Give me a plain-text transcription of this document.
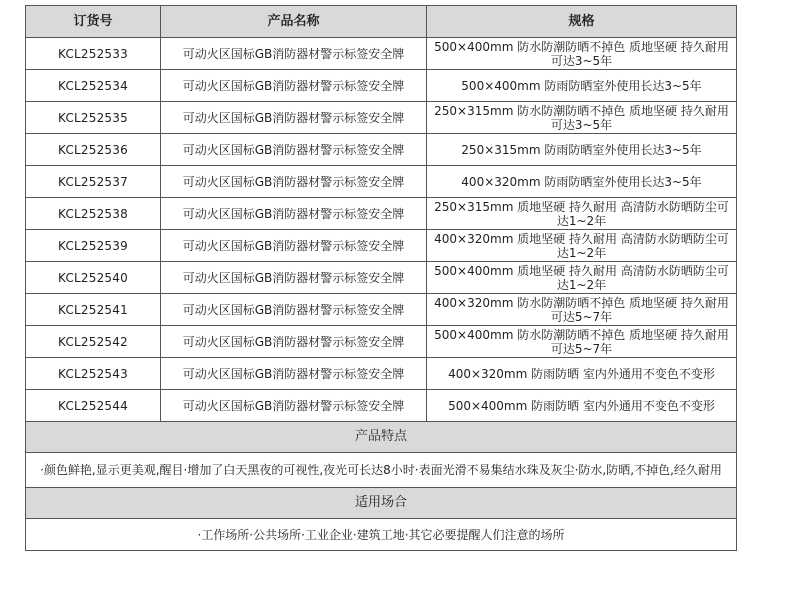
订货号	产品名称	规格
KCL252533	可动火区国标GB消防器材警示标签安全牌	500×400mm 防水防潮防晒不掉色 质地坚硬 持久耐用可达3~5年
KCL252534	可动火区国标GB消防器材警示标签安全牌	500×400mm 防雨防晒室外使用长达3~5年
KCL252535	可动火区国标GB消防器材警示标签安全牌	250×315mm 防水防潮防晒不掉色 质地坚硬 持久耐用可达3~5年
KCL252536	可动火区国标GB消防器材警示标签安全牌	250×315mm 防雨防晒室外使用长达3~5年
KCL252537	可动火区国标GB消防器材警示标签安全牌	400×320mm 防雨防晒室外使用长达3~5年
KCL252538	可动火区国标GB消防器材警示标签安全牌	250×315mm 质地坚硬 持久耐用 高清防水防晒防尘可达1~2年
KCL252539	可动火区国标GB消防器材警示标签安全牌	400×320mm 质地坚硬 持久耐用 高清防水防晒防尘可达1~2年
KCL252540	可动火区国标GB消防器材警示标签安全牌	500×400mm 质地坚硬 持久耐用 高清防水防晒防尘可达1~2年
KCL252541	可动火区国标GB消防器材警示标签安全牌	400×320mm 防水防潮防晒不掉色 质地坚硬 持久耐用可达5~7年
KCL252542	可动火区国标GB消防器材警示标签安全牌	500×400mm 防水防潮防晒不掉色 质地坚硬 持久耐用可达5~7年
KCL252543	可动火区国标GB消防器材警示标签安全牌	400×320mm 防雨防晒 室内外通用不变色不变形
KCL252544	可动火区国标GB消防器材警示标签安全牌	500×400mm 防雨防晒 室内外通用不变色不变形
产品特点		
·颜色鲜艳,显示更美观,醒目·增加了白天黑夜的可视性,夜光可长达8小时·表面光滑不易集结水珠及灰尘·防水,防晒,不掉色,经久耐用		
适用场合		
·工作场所·公共场所·工业企业·建筑工地·其它必要提醒人们注意的场所		
